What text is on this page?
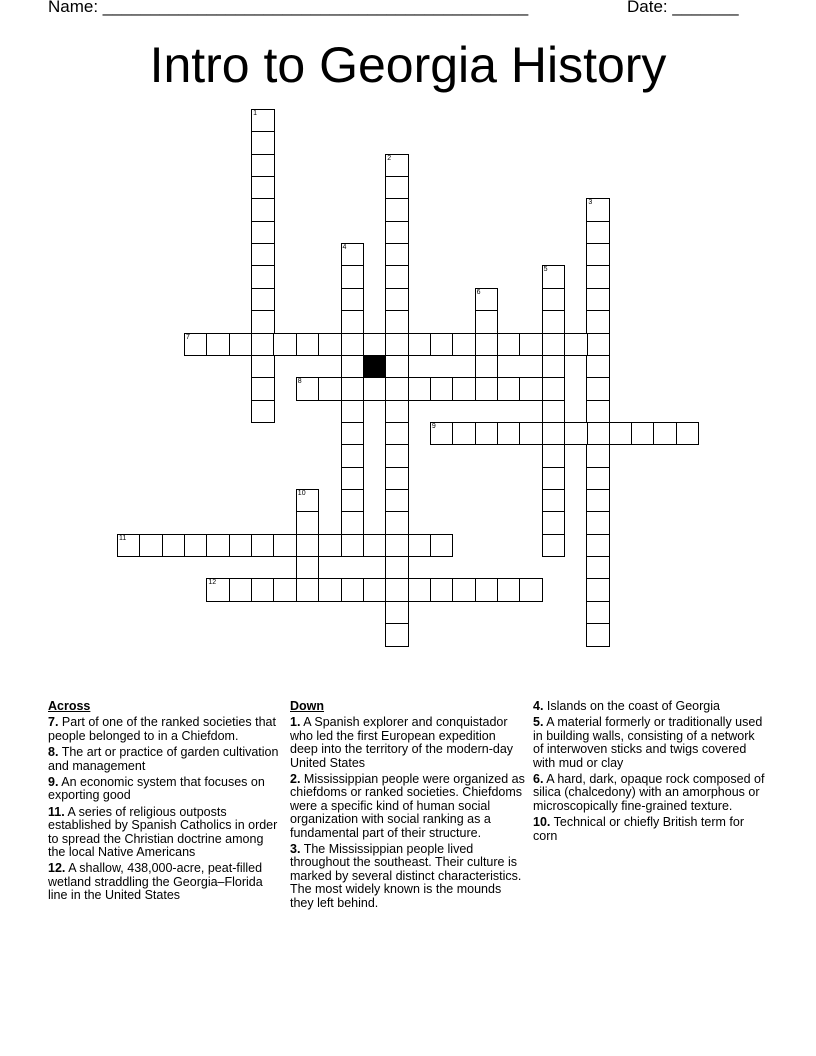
Name: _____________________________________________	Date: _______
Intro to Georgia History
1
2
3
4
5
6
7
8
9
10
11
12
Across
7. Part of one of the ranked societies that people belonged to in a Chiefdom.
8. The art or practice of garden cultivation and management
9. An economic system that focuses on exporting good
11. A series of religious outposts established by Spanish Catholics in order to spread the Christian doctrine among the local Native Americans
12. A shallow, 438,000-acre, peat-filled wetland straddling the Georgia–Florida line in the United States
Down
1. A Spanish explorer and conquistador who led the first European expedition deep into the territory of the modern-day United States
2. Mississippian people were organized as chiefdoms or ranked societies. Chiefdoms were a specific kind of human social organization with social ranking as a fundamental part of their structure.
3. The Mississippian people lived throughout the southeast. Their culture is marked by several distinct characteristics. The most widely known is the mounds they left behind.
4. Islands on the coast of Georgia
5. A material formerly or traditionally used in building walls, consisting of a network of interwoven sticks and twigs covered with mud or clay
6. A hard, dark, opaque rock composed of silica (chalcedony) with an amorphous or microscopically fine-grained texture.
10. Technical or chiefly British term for corn
